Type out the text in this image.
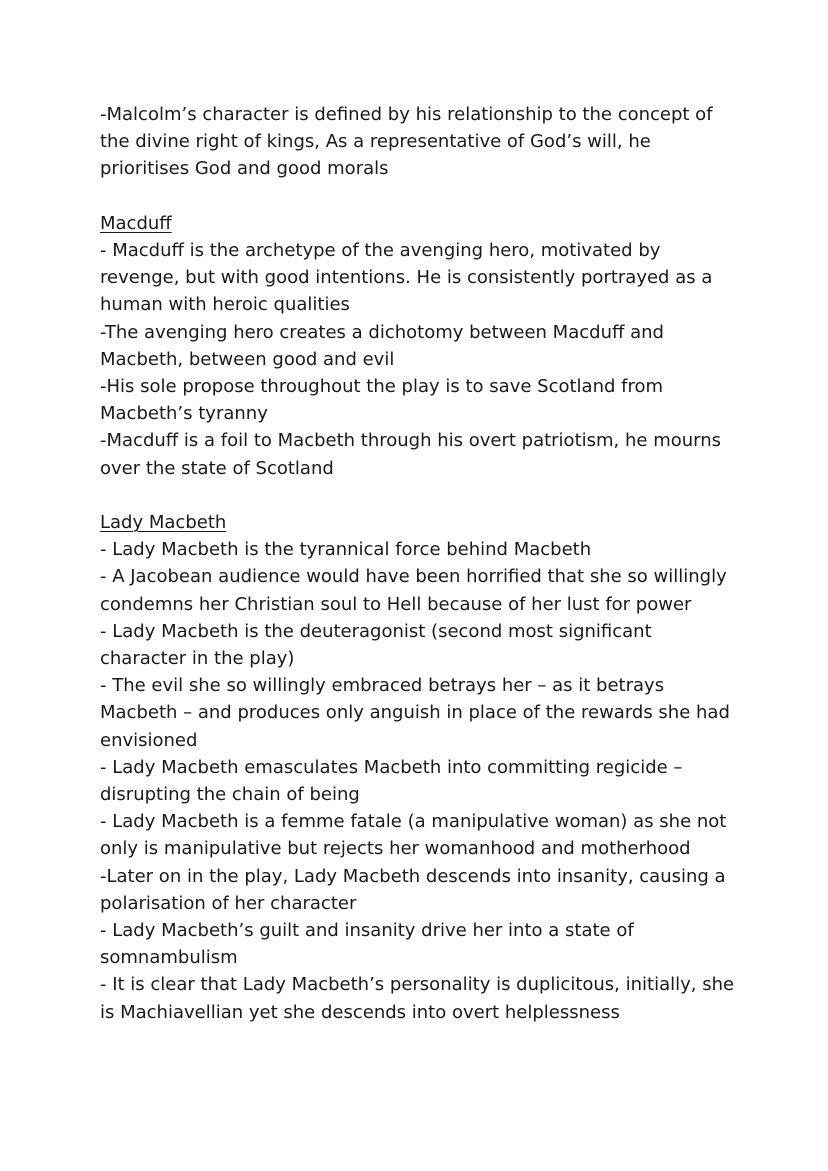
-Malcolm’s character is defined by his relationship to the concept of the divine right of kings, As a representative of God’s will, he prioritises God and good morals

Macduff

- Macduff is the archetype of the avenging hero, motivated by revenge, but with good intentions. He is consistently portrayed as a human with heroic qualities

-The avenging hero creates a dichotomy between Macduff and Macbeth, between good and evil

-His sole propose throughout the play is to save Scotland from Macbeth’s tyranny

-Macduff is a foil to Macbeth through his overt patriotism, he mourns over the state of Scotland

Lady Macbeth

- Lady Macbeth is the tyrannical force behind Macbeth

- A Jacobean audience would have been horrified that she so willingly condemns her Christian soul to Hell because of her lust for power

- Lady Macbeth is the deuteragonist (second most significant character in the play)

- The evil she so willingly embraced betrays her – as it betrays Macbeth – and produces only anguish in place of the rewards she had envisioned

- Lady Macbeth emasculates Macbeth into committing regicide – disrupting the chain of being

- Lady Macbeth is a femme fatale (a manipulative woman) as she not only is manipulative but rejects her womanhood and motherhood

-Later on in the play, Lady Macbeth descends into insanity, causing a polarisation of her character

- Lady Macbeth’s guilt and insanity drive her into a state of somnambulism

- It is clear that Lady Macbeth’s personality is duplicitous, initially, she is Machiavellian yet she descends into overt helplessness
